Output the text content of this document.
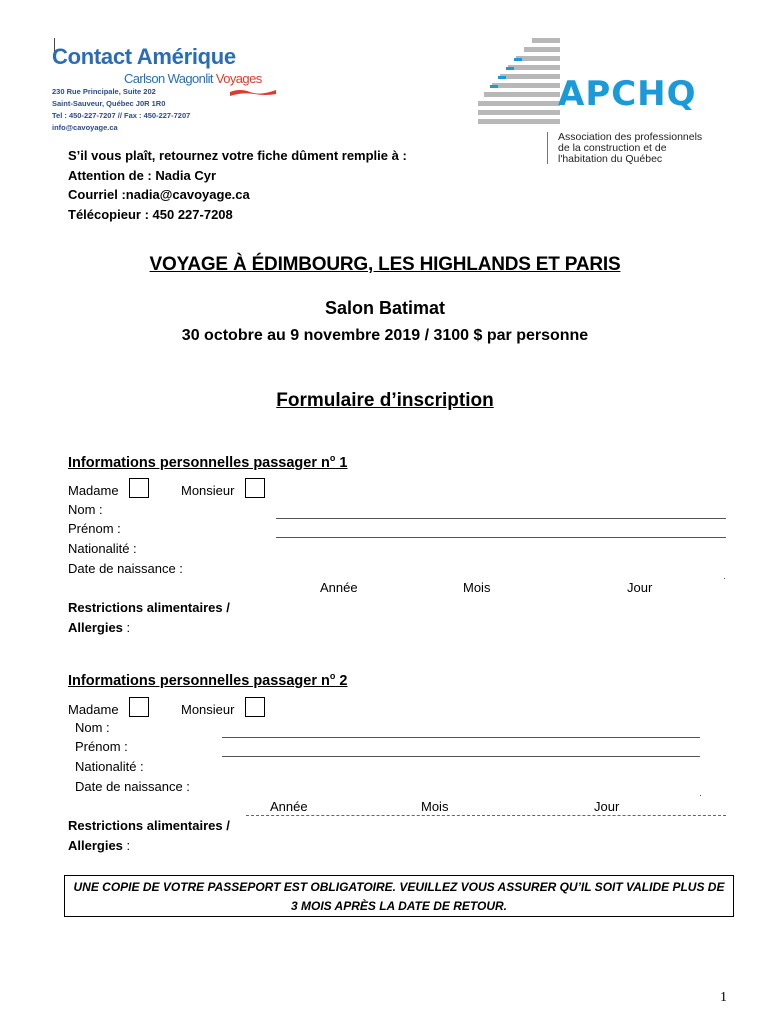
Contact Amérique
Carlson Wagonlit Voyages
230 Rue Principale, Suite 202
Saint-Sauveur, Québec J0R 1R0
Tel : 450-227-7207 // Fax : 450-227-7207
info@cavoyage.ca
APCHQ
Association des professionnels
de la construction et de
l'habitation du Québec
S’il vous plaît, retournez votre fiche dûment remplie à :
Attention de : Nadia Cyr
Courriel :nadia@cavoyage.ca
Télécopieur : 450 227-7208
VOYAGE À ÉDIMBOURG, LES HIGHLANDS ET PARIS
Salon Batimat
30 octobre au 9 novembre 2019 / 3100 $ par personne
Formulaire d’inscription
Informations personnelles passager $n^o$ 1
Madame	Monsieur
Nom :
Prénom :
Nationalité :
Date de naissance :
Année	Mois	Jour
Restrictions alimentaires /
Allergies :
Informations personnelles passager $n^o$ 2
Madame	Monsieur
Nom :
Prénom :
Nationalité :
Date de naissance :
Année	Mois	Jour
Restrictions alimentaires /
Allergies :
UNE COPIE DE VOTRE PASSEPORT EST OBLIGATOIRE. VEUILLEZ VOUS ASSURER QU’IL SOIT VALIDE PLUS DE
3 MOIS APRÈS LA DATE DE RETOUR.
1
